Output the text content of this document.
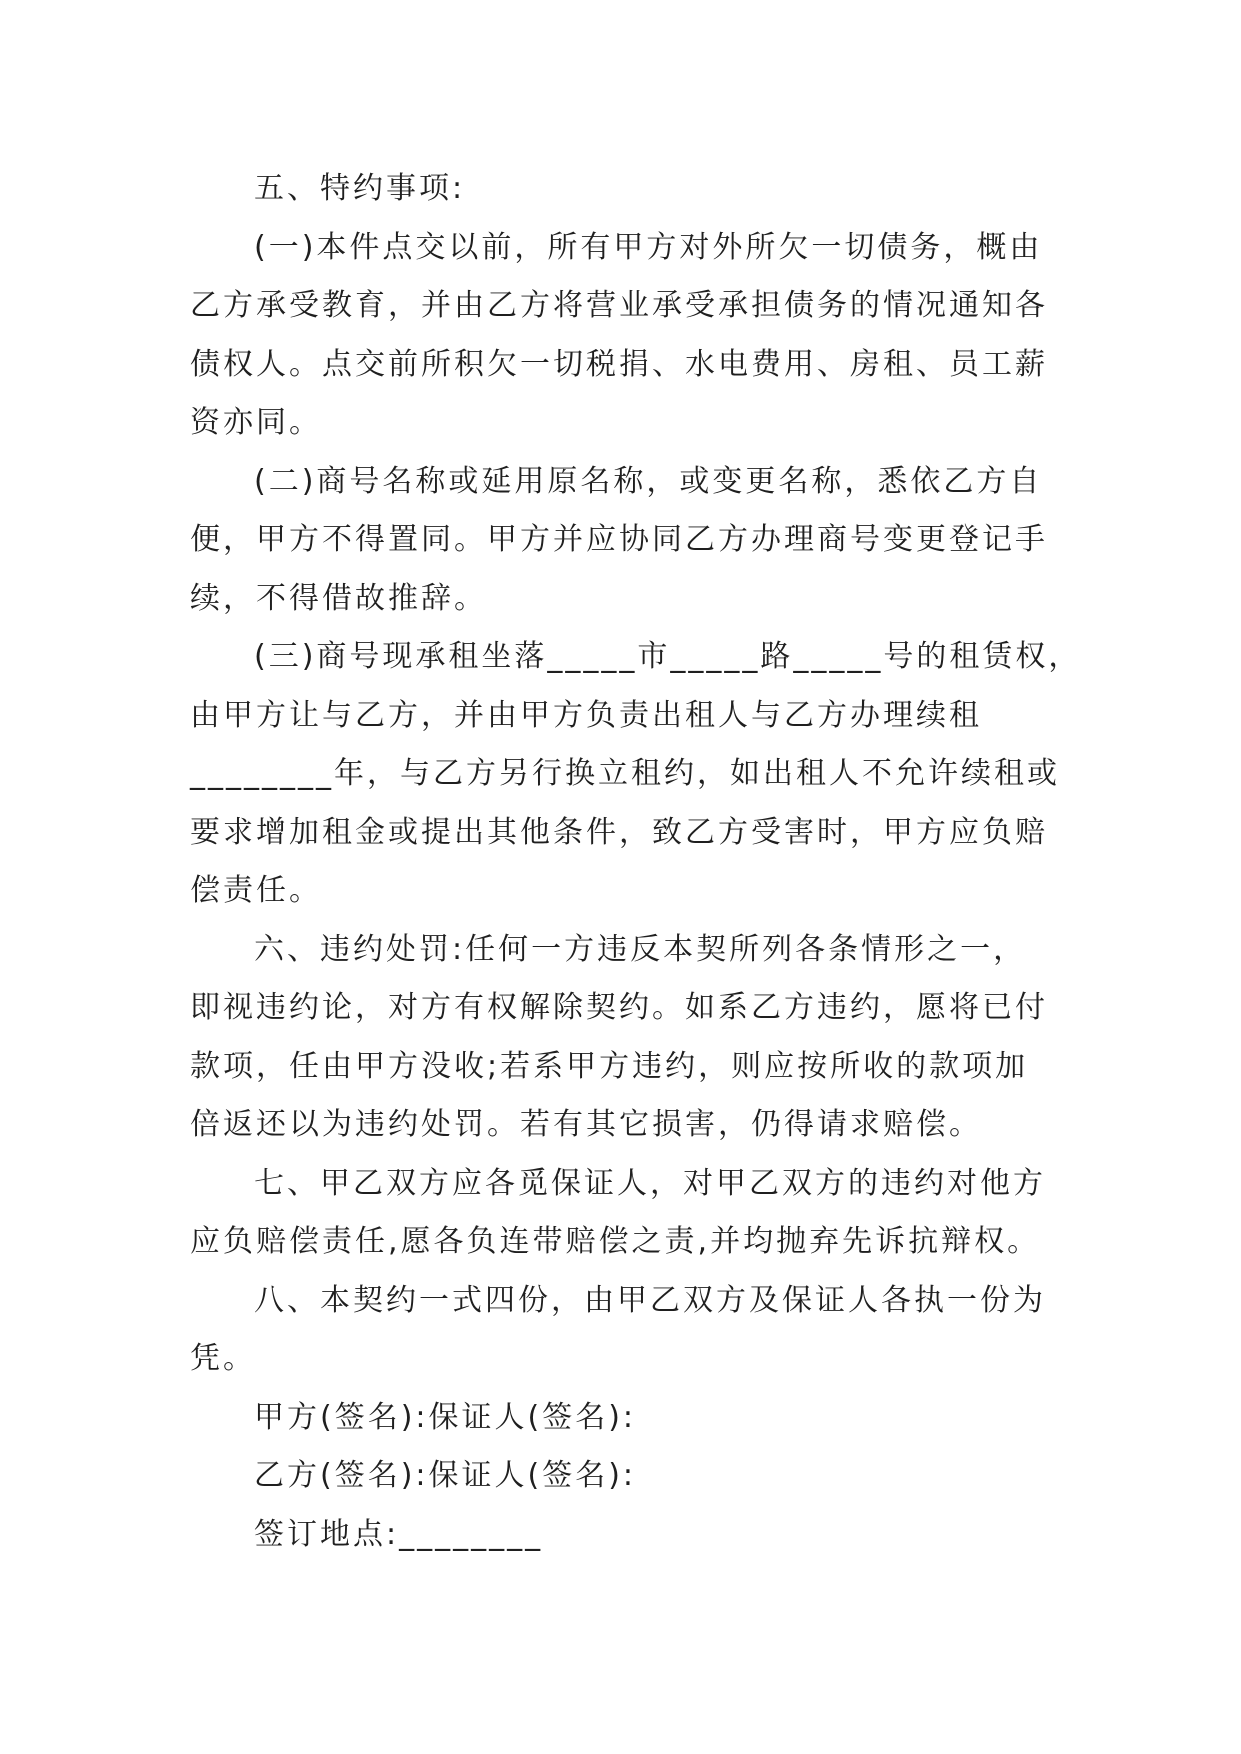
五、特约事项:
(一)本件点交以前，所有甲方对外所欠一切债务，概由
乙方承受教育，并由乙方将营业承受承担债务的情况通知各
债权人。点交前所积欠一切税捐、水电费用、房租、员工薪
资亦同。
(二)商号名称或延用原名称，或变更名称，悉依乙方自
便，甲方不得置同。甲方并应协同乙方办理商号变更登记手
续，不得借故推辞。
(三)商号现承租坐落_____市_____路_____号的租赁权，
由甲方让与乙方，并由甲方负责出租人与乙方办理续租
________年，与乙方另行换立租约，如出租人不允许续租或
要求增加租金或提出其他条件，致乙方受害时，甲方应负赔
偿责任。
六、违约处罚:任何一方违反本契所列各条情形之一，
即视违约论，对方有权解除契约。如系乙方违约，愿将已付
款项，任由甲方没收;若系甲方违约，则应按所收的款项加
倍返还以为违约处罚。若有其它损害，仍得请求赔偿。
七、甲乙双方应各觅保证人，对甲乙双方的违约对他方
应负赔偿责任,愿各负连带赔偿之责,并均抛弃先诉抗辩权。
八、本契约一式四份，由甲乙双方及保证人各执一份为
凭。
甲方(签名):保证人(签名):
乙方(签名):保证人(签名):
签订地点:________
